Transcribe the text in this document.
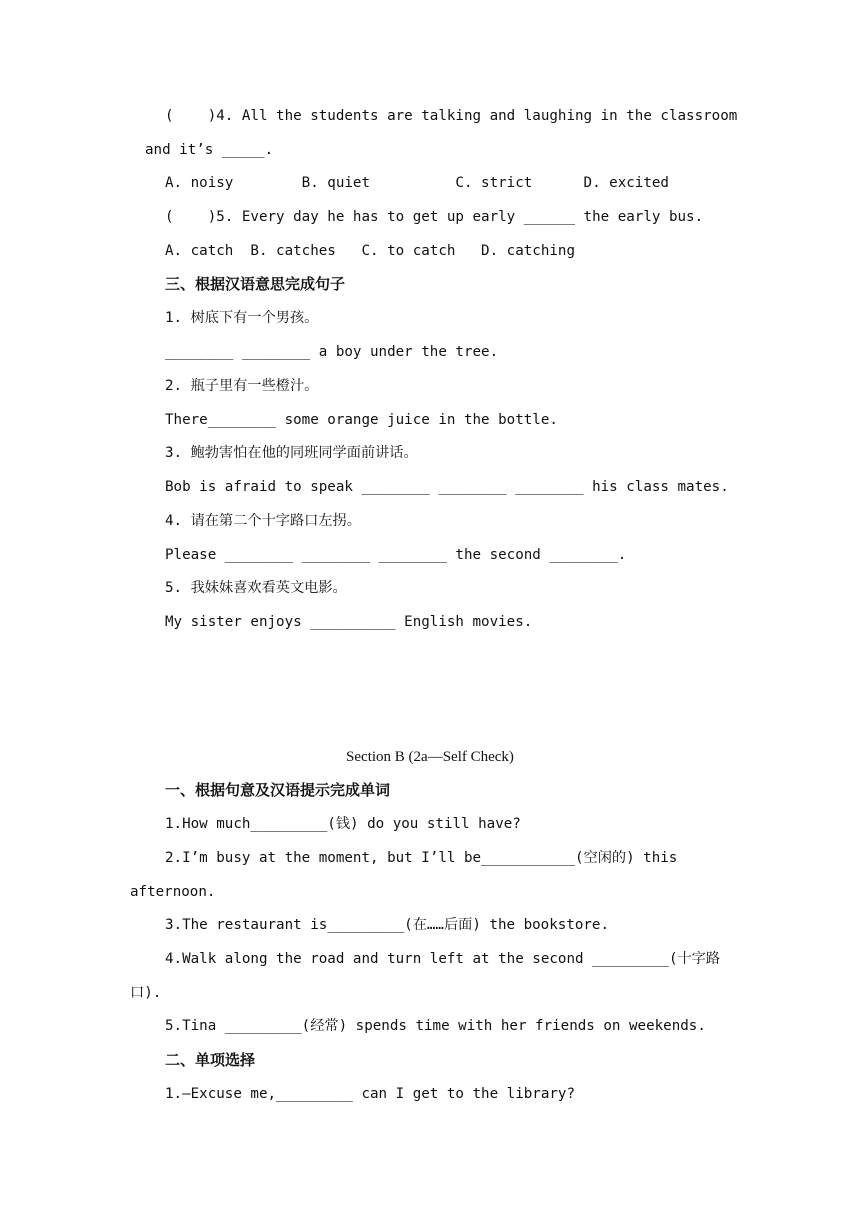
(    )4. All the students are talking and laughing in the classroom
and it’s _____.
A. noisy        B. quiet          C. strict      D. excited
(    )5. Every day he has to get up early ______ the early bus.
A. catch  B. catches   C. to catch   D. catching
三、根据汉语意思完成句子
1. 树底下有一个男孩。
________ ________ a boy under the tree.
2. 瓶子里有一些橙汁。
There________ some orange juice in the bottle.
3. 鲍勃害怕在他的同班同学面前讲话。
Bob is afraid to speak ________ ________ ________ his class mates.
4. 请在第二个十字路口左拐。
Please ________ ________ ________ the second ________.
5. 我妹妹喜欢看英文电影。
My sister enjoys __________ English movies.
Section B (2a—Self Check)
一、根据句意及汉语提示完成单词
1.How much_________(钱) do you still have?
2.I’m busy at the moment, but I’ll be___________(空闲的) this
afternoon.
3.The restaurant is_________(在……后面) the bookstore.
4.Walk along the road and turn left at the second _________(十字路
口).
5.Tina _________(经常) spends time with her friends on weekends.
二、单项选择
1.—Excuse me,_________ can I get to the library?
